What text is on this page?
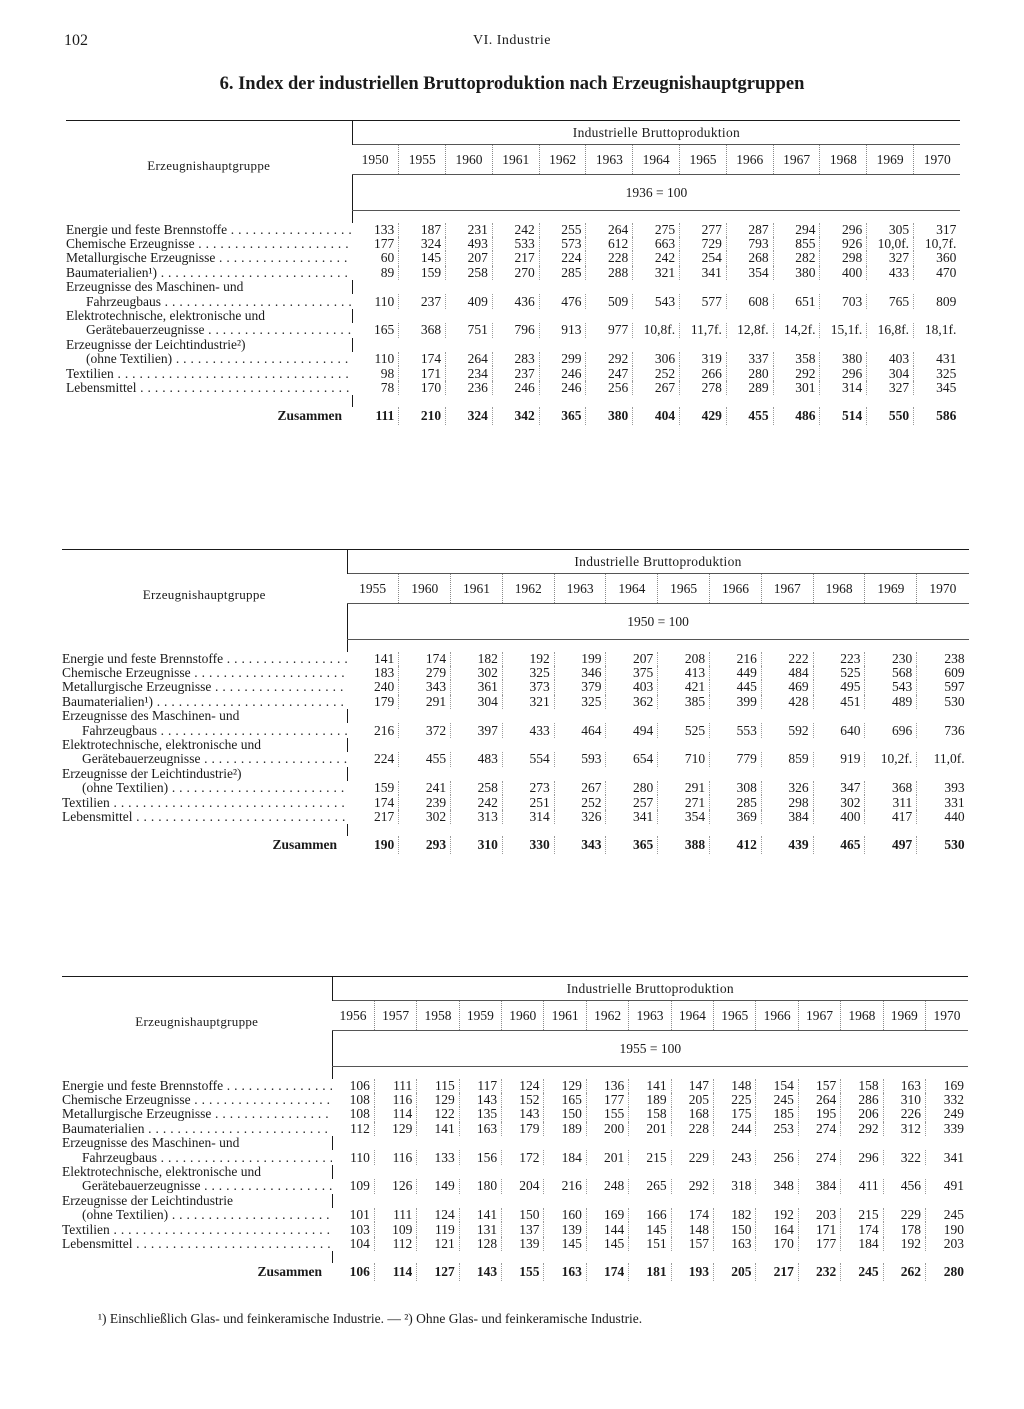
102	VI. Industrie
6. Index der industriellen Bruttoproduktion nach Erzeugnishauptgruppen
Erzeugnishauptgruppe	Industrielle Bruttoproduktion												
	1950	1955	1960	1961	1962	1963	1964	1965	1966	1967	1968	1969	1970
	1936 = 100												

Energie und feste Brennstoffe . . .	133	187	231	242	255	264	275	277	287	294	296	305	317
Chemische Erzeugnisse . . .	177	324	493	533	573	612	663	729	793	855	926	10,0f.	10,7f.
Metallurgische Erzeugnisse . . .	60	145	207	217	224	228	242	254	268	282	298	327	360
Baumaterialien¹) . . .	89	159	258	270	285	288	321	341	354	380	400	433	470
Erzeugnisse des Maschinen- und													
Fahrzeugbaus . . .	110	237	409	436	476	509	543	577	608	651	703	765	809
Elektrotechnische, elektronische und													
Gerätebauerzeugnisse . . .	165	368	751	796	913	977	10,8f.	11,7f.	12,8f.	14,2f.	15,1f.	16,8f.	18,1f.
Erzeugnisse der Leichtindustrie²)													
(ohne Textilien) . . .	110	174	264	283	299	292	306	319	337	358	380	403	431
Textilien . . .	98	171	234	237	246	247	252	266	280	292	296	304	325
Lebensmittel . . .	78	170	236	246	246	256	267	278	289	301	314	327	345

Zusammen	111	210	324	342	365	380	404	429	455	486	514	550	586
Erzeugnishauptgruppe	Industrielle Bruttoproduktion											
	1955	1960	1961	1962	1963	1964	1965	1966	1967	1968	1969	1970
	1950 = 100											

Energie und feste Brennstoffe . . .	141	174	182	192	199	207	208	216	222	223	230	238
Chemische Erzeugnisse . . .	183	279	302	325	346	375	413	449	484	525	568	609
Metallurgische Erzeugnisse . . .	240	343	361	373	379	403	421	445	469	495	543	597
Baumaterialien¹) . . .	179	291	304	321	325	362	385	399	428	451	489	530
Erzeugnisse des Maschinen- und												
Fahrzeugbaus . . .	216	372	397	433	464	494	525	553	592	640	696	736
Elektrotechnische, elektronische und												
Gerätebauerzeugnisse . . .	224	455	483	554	593	654	710	779	859	919	10,2f.	11,0f.
Erzeugnisse der Leichtindustrie²)												
(ohne Textilien) . . .	159	241	258	273	267	280	291	308	326	347	368	393
Textilien . . .	174	239	242	251	252	257	271	285	298	302	311	331
Lebensmittel . . .	217	302	313	314	326	341	354	369	384	400	417	440

Zusammen	190	293	310	330	343	365	388	412	439	465	497	530
Erzeugnishauptgruppe	Industrielle Bruttoproduktion														
	1956	1957	1958	1959	1960	1961	1962	1963	1964	1965	1966	1967	1968	1969	1970
	1955 = 100														

Energie und feste Brennstoffe . . .	106	111	115	117	124	129	136	141	147	148	154	157	158	163	169
Chemische Erzeugnisse . . .	108	116	129	143	152	165	177	189	205	225	245	264	286	310	332
Metallurgische Erzeugnisse . . .	108	114	122	135	143	150	155	158	168	175	185	195	206	226	249
Baumaterialien . . .	112	129	141	163	179	189	200	201	228	244	253	274	292	312	339
Erzeugnisse des Maschinen- und															
Fahrzeugbaus . . .	110	116	133	156	172	184	201	215	229	243	256	274	296	322	341
Elektrotechnische, elektronische und															
Gerätebauerzeugnisse . . .	109	126	149	180	204	216	248	265	292	318	348	384	411	456	491
Erzeugnisse der Leichtindustrie															
(ohne Textilien) . . .	101	111	124	141	150	160	169	166	174	182	192	203	215	229	245
Textilien . . .	103	109	119	131	137	139	144	145	148	150	164	171	174	178	190
Lebensmittel . . .	104	112	121	128	139	145	145	151	157	163	170	177	184	192	203

Zusammen	106	114	127	143	155	163	174	181	193	205	217	232	245	262	280
¹) Einschließlich Glas- und feinkeramische Industrie. — ²) Ohne Glas- und feinkeramische Industrie.
